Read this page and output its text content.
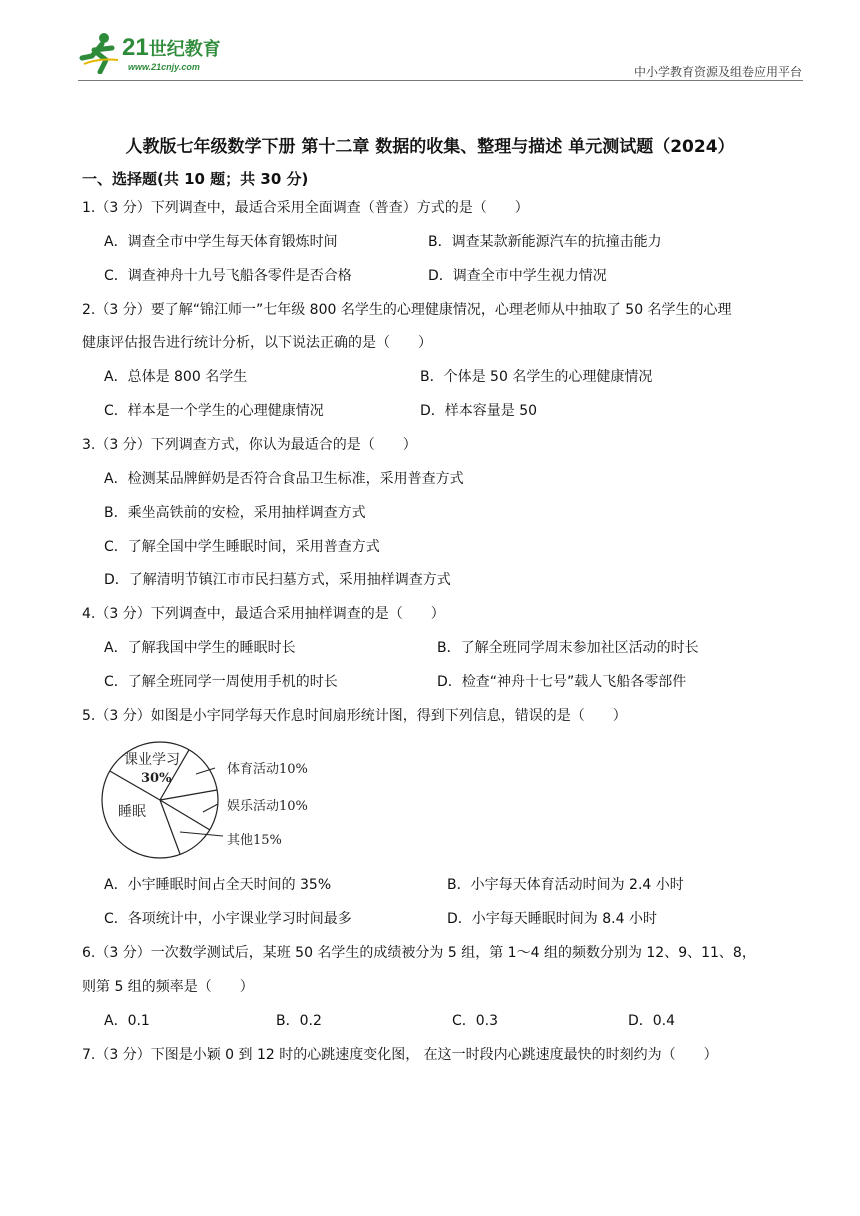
21世纪教育
www.21cnjy.com	中小学教育资源及组卷应用平台
人教版七年级数学下册 第十二章 数据的收集、整理与描述 单元测试题（2024）
一、选择题(共 10 题；共 30 分)
1.（3 分）下列调查中，最适合采用全面调查（普查）方式的是（　　）
A．调查全市中学生每天体育锻炼时间	B．调查某款新能源汽车的抗撞击能力
C．调查神舟十九号飞船各零件是否合格	D．调查全市中学生视力情况
2.（3 分）要了解“锦江师一”七年级 800 名学生的心理健康情况，心理老师从中抽取了 50 名学生的心理
健康评估报告进行统计分析，以下说法正确的是（　　）
A．总体是 800 名学生	B．个体是 50 名学生的心理健康情况
C．样本是一个学生的心理健康情况	D．样本容量是 50
3.（3 分）下列调查方式，你认为最适合的是（　　）
A．检测某品牌鲜奶是否符合食品卫生标准，采用普查方式
B．乘坐高铁前的安检，采用抽样调查方式
C．了解全国中学生睡眠时间，采用普查方式
D．了解清明节镇江市市民扫墓方式，采用抽样调查方式
4.（3 分）下列调查中，最适合采用抽样调查的是（　　）
A．了解我国中学生的睡眠时长	B．了解全班同学周末参加社区活动的时长
C．了解全班同学一周使用手机的时长	D．检查“神舟十七号”载人飞船各零部件
5.（3 分）如图是小宇同学每天作息时间扇形统计图，得到下列信息，错误的是（　　）
课业学习
30%
睡眠
体育活动10%
娱乐活动10%
其他15%
A．小宇睡眠时间占全天时间的 35%	B．小宇每天体育活动时间为 2.4 小时
C．各项统计中，小宇课业学习时间最多	D．小宇每天睡眠时间为 8.4 小时
6.（3 分）一次数学测试后，某班 50 名学生的成绩被分为 5 组，第 1～4 组的频数分别为 12、9、11、8，
则第 5 组的频率是（　　）
A．0.1	B．0.2	C．0.3	D．0.4
7.（3 分）下图是小颖 0 到 12 时的心跳速度变化图， 在这一时段内心跳速度最快的时刻约为（　　）
